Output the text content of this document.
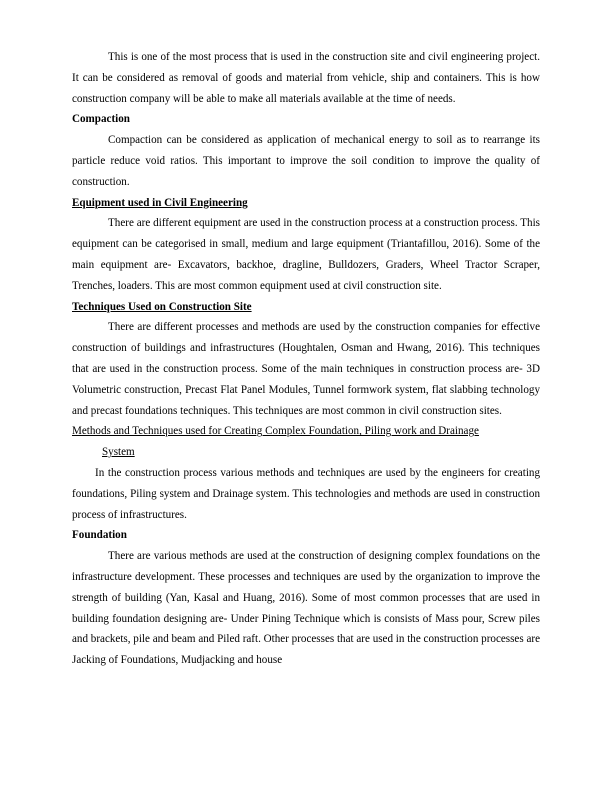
This is one of the most process that is used in the construction site and civil engineering project. It can be considered as removal of goods and material from vehicle, ship and containers. This is how construction company will be able to make all materials available at the time of needs.

Compaction

Compaction can be considered as application of mechanical energy to soil as to rearrange its particle reduce void ratios. This important to improve the soil condition to improve the quality of construction.

Equipment used in Civil Engineering

There are different equipment are used in the construction process at a construction process. This equipment can be categorised in small, medium and large equipment (Triantafillou, 2016). Some of the main equipment are- Excavators, backhoe, dragline, Bulldozers, Graders, Wheel Tractor Scraper, Trenches, loaders. This are most common equipment used at civil construction site.

Techniques Used on Construction Site

There are different processes and methods are used by the construction companies for effective construction of buildings and infrastructures (Houghtalen, Osman and Hwang, 2016). This techniques that are used in the construction process. Some of the main techniques in construction process are- 3D Volumetric construction, Precast Flat Panel Modules, Tunnel formwork system, flat slabbing technology and precast foundations techniques. This techniques are most common in civil construction sites.

Methods and Techniques used for Creating Complex Foundation, Piling work and Drainage
System

In the construction process various methods and techniques are used by the engineers for creating foundations, Piling system and Drainage system. This technologies and methods are used in construction process of infrastructures.

Foundation

There are various methods are used at the construction of designing complex foundations on the infrastructure development. These processes and techniques are used by the organization to improve the strength of building (Yan, Kasal and Huang, 2016). Some of most common processes that are used in building foundation designing are- Under Pining Technique which is consists of Mass pour, Screw piles and brackets, pile and beam and Piled raft. Other processes that are used in the construction processes are Jacking of Foundations, Mudjacking and house
